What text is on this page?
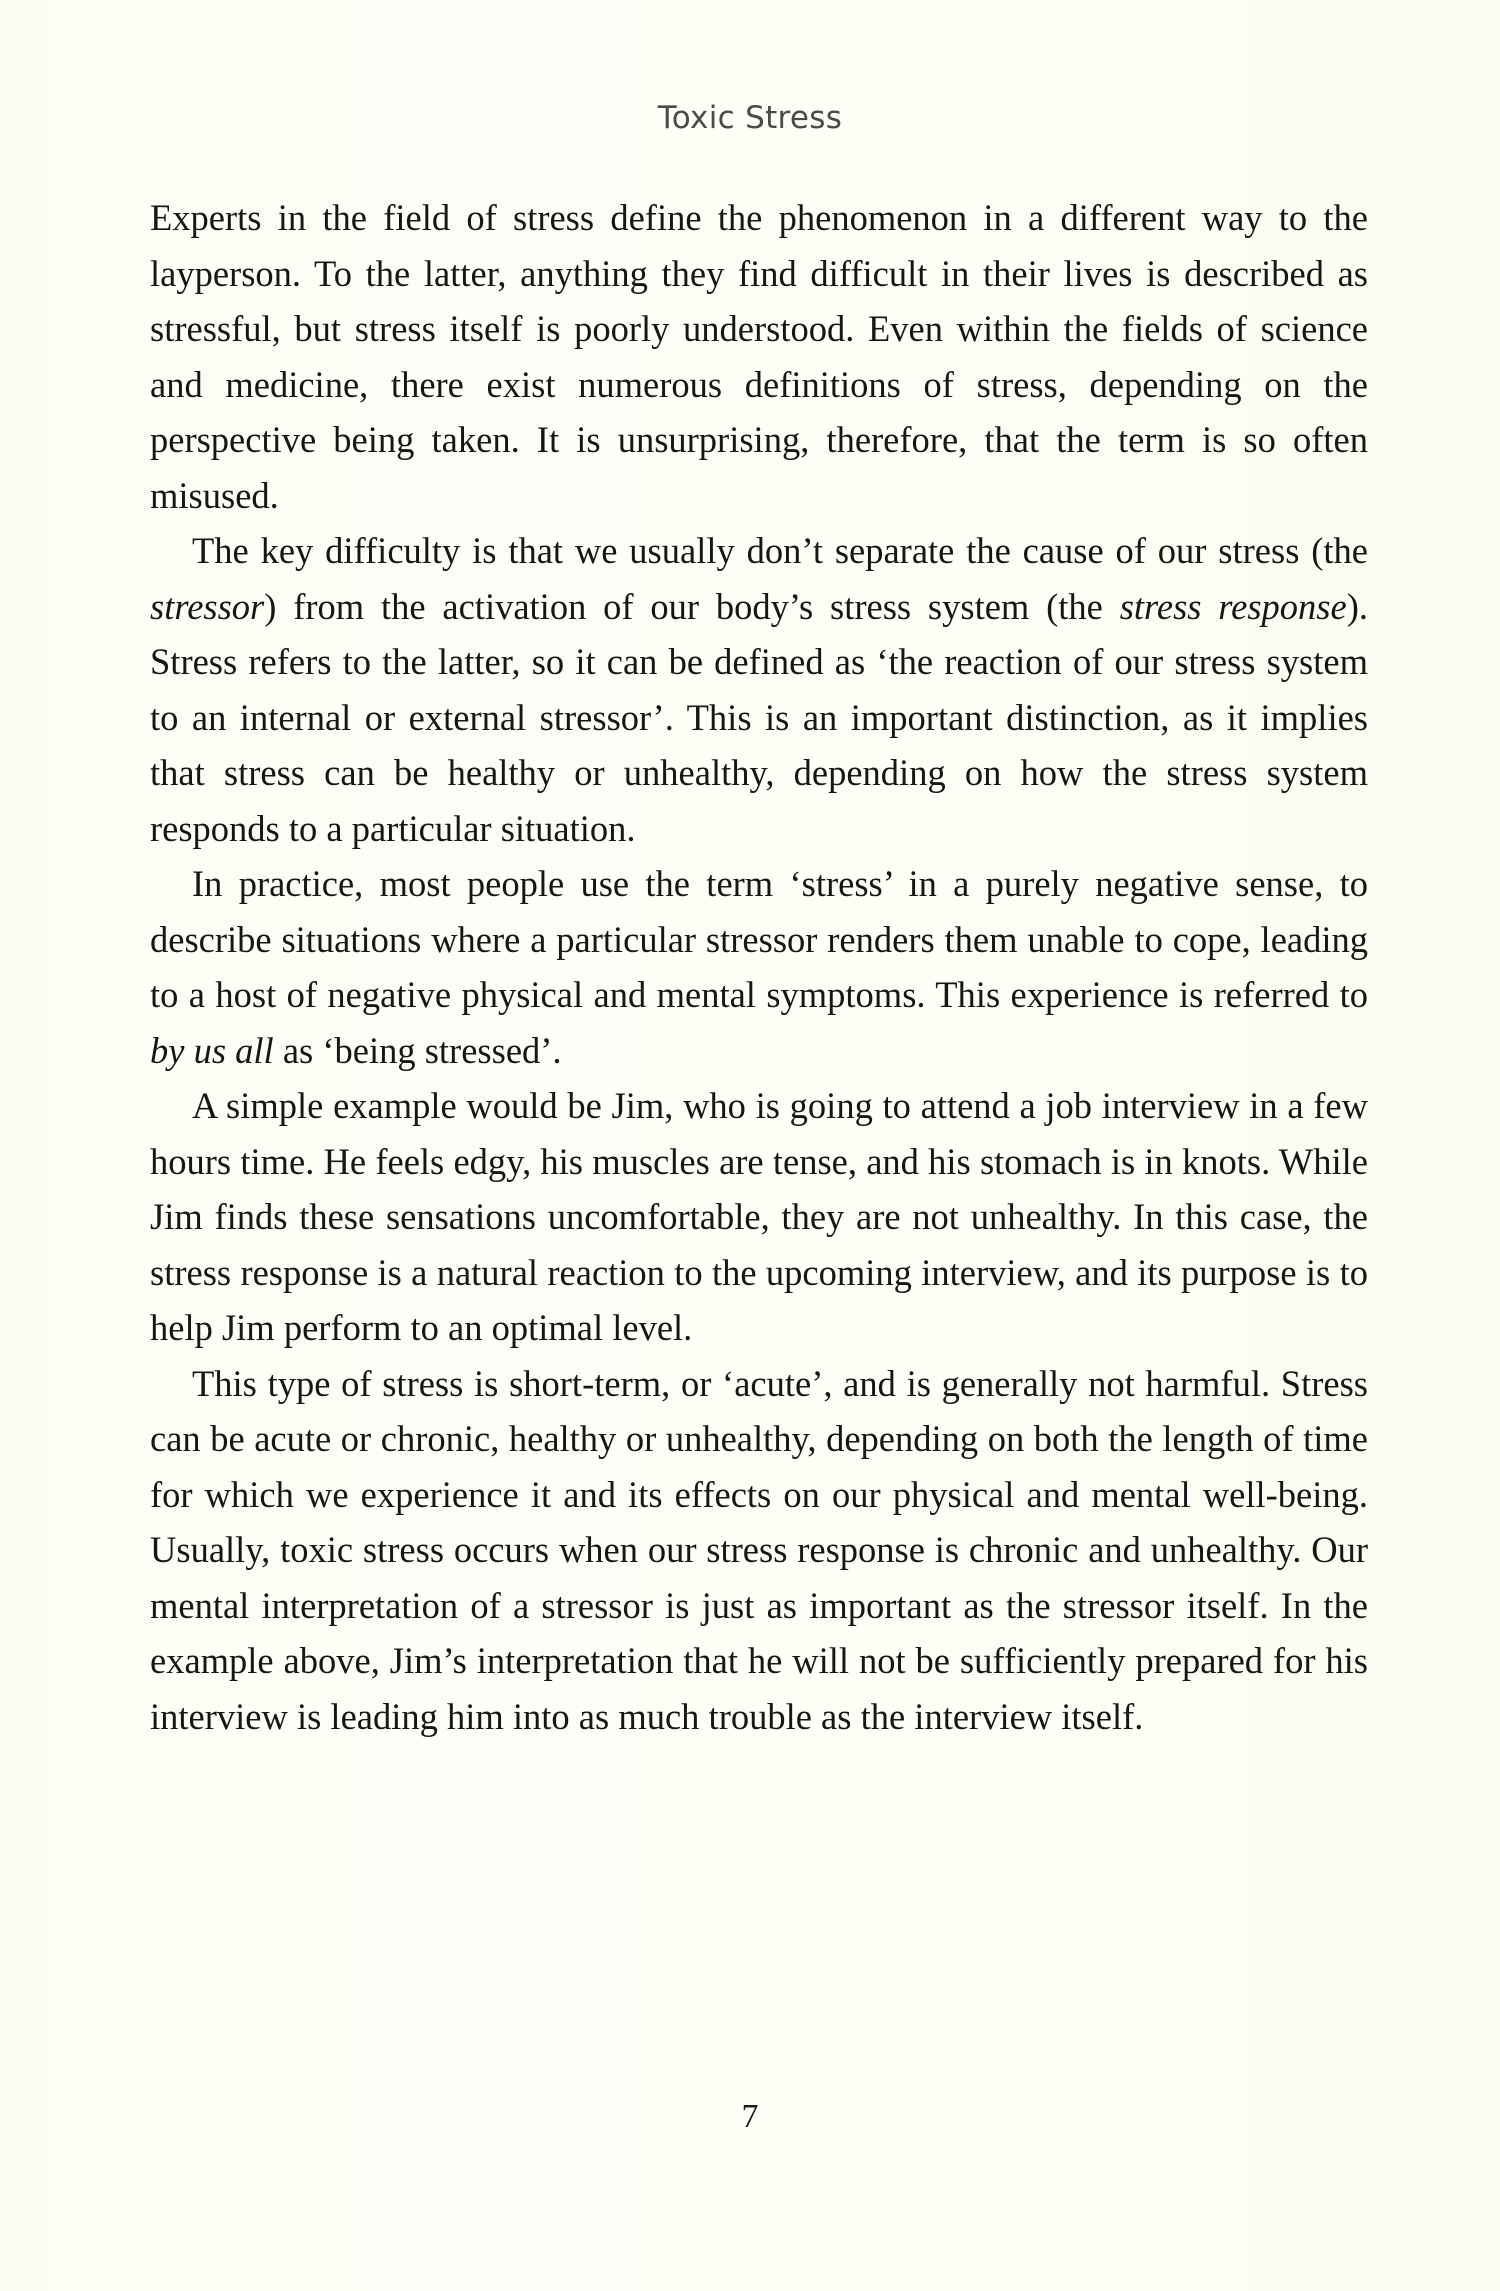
Toxic Stress

Experts in the field of stress define the phenomenon in a different way to the layperson. To the latter, anything they find difficult in their lives is described as stressful, but stress itself is poorly understood. Even within the fields of science and medicine, there exist numerous definitions of stress, depending on the perspective being taken. It is unsurprising, therefore, that the term is so often misused.

The key difficulty is that we usually don’t separate the cause of our stress (the stressor) from the activation of our body’s stress system (the stress response). Stress refers to the latter, so it can be defined as ‘the reaction of our stress system to an internal or external stressor’. This is an important distinction, as it implies that stress can be healthy or unhealthy, depending on how the stress system responds to a particular situation.

In practice, most people use the term ‘stress’ in a purely negative sense, to describe situations where a particular stressor renders them unable to cope, leading to a host of negative physical and mental symptoms. This experience is referred to by us all as ‘being stressed’.

A simple example would be Jim, who is going to attend a job interview in a few hours time. He feels edgy, his muscles are tense, and his stomach is in knots. While Jim finds these sensations uncomfortable, they are not unhealthy. In this case, the stress response is a natural reaction to the upcoming interview, and its purpose is to help Jim perform to an optimal level.

This type of stress is short-term, or ‘acute’, and is generally not harmful. Stress can be acute or chronic, healthy or unhealthy, depending on both the length of time for which we experience it and its effects on our physical and mental well-being. Usually, toxic stress occurs when our stress response is chronic and unhealthy. Our mental interpretation of a stressor is just as important as the stressor itself. In the example above, Jim’s interpretation that he will not be sufficiently prepared for his interview is leading him into as much trouble as the interview itself.

7
